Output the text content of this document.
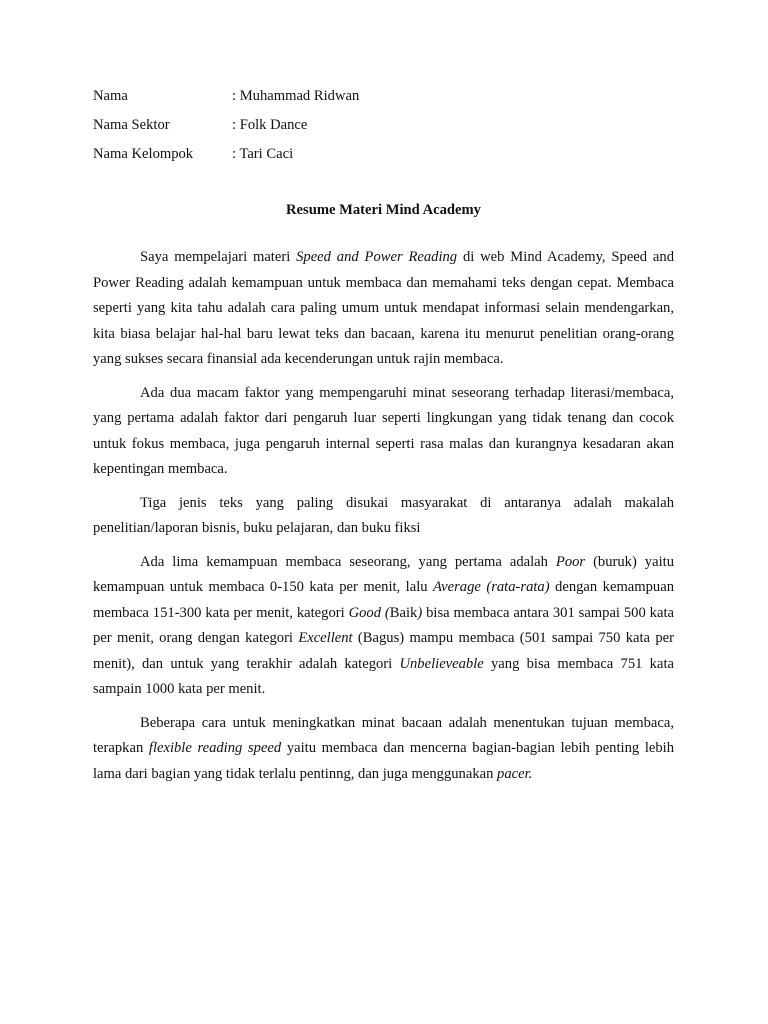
Nama	: Muhammad Ridwan
Nama Sektor	: Folk Dance
Nama Kelompok	: Tari Caci
Resume Materi Mind Academy

Saya mempelajari materi Speed and Power Reading di web Mind Academy, Speed and Power Reading adalah kemampuan untuk membaca dan memahami teks dengan cepat. Membaca seperti yang kita tahu adalah cara paling umum untuk mendapat informasi selain mendengarkan, kita biasa belajar hal-hal baru lewat teks dan bacaan, karena itu menurut penelitian orang-orang yang sukses secara finansial ada kecenderungan untuk rajin membaca.

Ada dua macam faktor yang mempengaruhi minat seseorang terhadap literasi/membaca, yang pertama adalah faktor dari pengaruh luar seperti lingkungan yang tidak tenang dan cocok untuk fokus membaca, juga pengaruh internal seperti rasa malas dan kurangnya kesadaran akan kepentingan membaca.

Tiga jenis teks yang paling disukai masyarakat di antaranya adalah makalah penelitian/laporan bisnis, buku pelajaran, dan buku fiksi

Ada lima kemampuan membaca seseorang, yang pertama adalah Poor (buruk) yaitu kemampuan untuk membaca 0-150 kata per menit, lalu Average (rata-rata) dengan kemampuan membaca 151-300 kata per menit, kategori Good (Baik) bisa membaca antara 301 sampai 500 kata per menit, orang dengan kategori Excellent (Bagus) mampu membaca (501 sampai 750 kata per menit), dan untuk yang terakhir adalah kategori Unbelieveable yang bisa membaca 751 kata sampain 1000 kata per menit.

Beberapa cara untuk meningkatkan minat bacaan adalah menentukan tujuan membaca, terapkan flexible reading speed yaitu membaca dan mencerna bagian-bagian lebih penting lebih lama dari bagian yang tidak terlalu pentinng, dan juga menggunakan pacer.
